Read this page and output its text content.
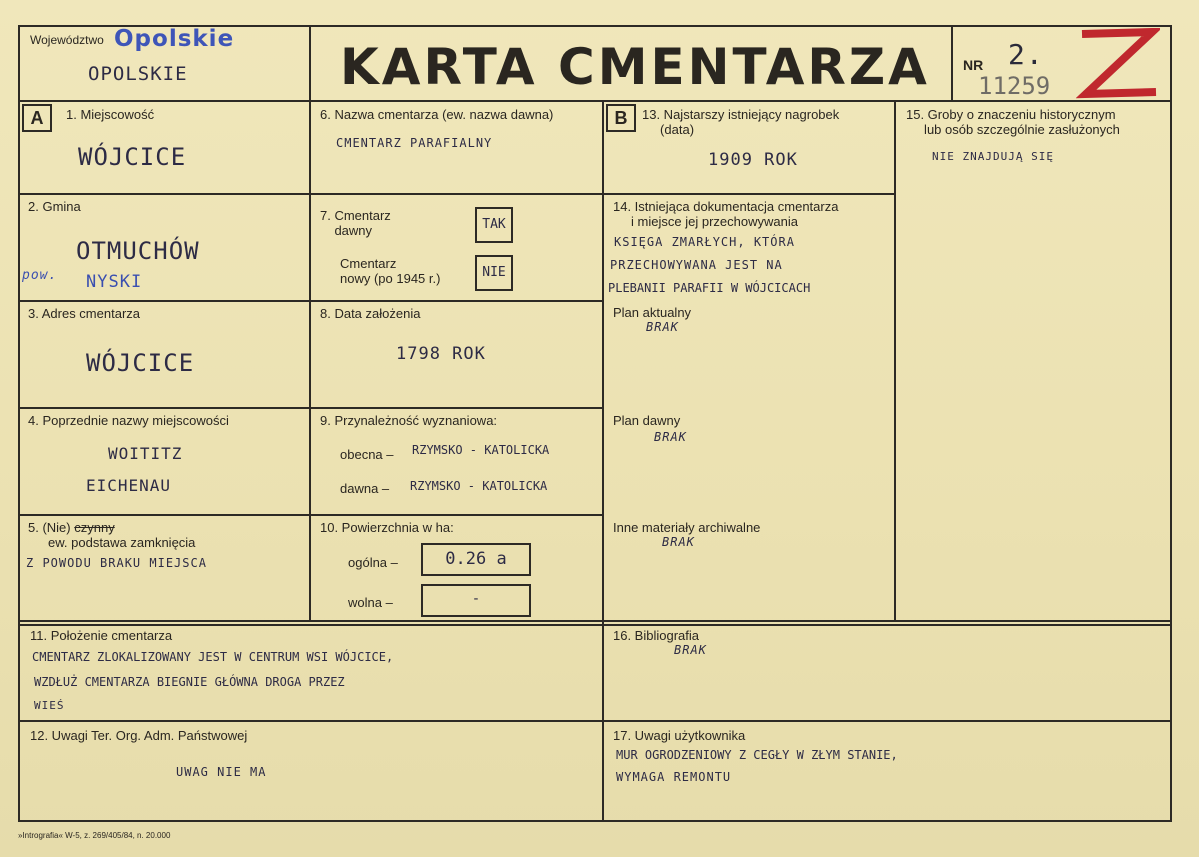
Województwo Opolskie
OPOLSKIE	KARTA CMENTARZA NR 2.
11259
A	1. Miejscowość
WÓJCICE
2. Gmina
OTMUCHÓW
pow. NYSKI
3. Adres cmentarza
WÓJCICE
4. Poprzednie nazwy miejscowości
WOITITZ
EICHENAU
5. (Nie) czynny
ew. podstawa zamknięcia
Z POWODU BRAKU MIEJSCA
6. Nazwa cmentarza (ew. nazwa dawna)
CMENTARZ PARAFIALNY
7. Cmentarz
dawny	TAK
Cmentarz
nowy (po 1945 r.)	NIE
8. Data założenia
1798 ROK
9. Przynależność wyznaniowa:
obecna – RZYMSKO - KATOLICKA
dawna – RZYMSKO - KATOLICKA
10. Powierzchnia w ha:
ogólna –	0.26 a
wolna –	-
B	13. Najstarszy istniejący nagrobek
(data)
1909 ROK
14. Istniejąca dokumentacja cmentarza
i miejsce jej przechowywania
KSIĘGA ZMARŁYCH, KTÓRA
PRZECHOWYWANA JEST NA
PLEBANII PARAFII W WÓJCICACH
Plan aktualny
BRAK
Plan dawny
BRAK
Inne materiały archiwalne
BRAK
15. Groby o znaczeniu historycznym
lub osób szczególnie zasłużonych
NIE ZNAJDUJĄ SIĘ
11. Położenie cmentarza
CMENTARZ ZLOKALIZOWANY JEST W CENTRUM WSI WÓJCICE,
WZDŁUŻ CMENTARZA BIEGNIE GŁÓWNA DROGA PRZEZ
WIEŚ
16. Bibliografia
BRAK
12. Uwagi Ter. Org. Adm. Państwowej
UWAG NIE MA
17. Uwagi użytkownika
MUR OGRODZENIOWY Z CEGŁY W ZŁYM STANIE,
WYMAGA REMONTU
»Intrografia« W-5, z. 269/405/84, n. 20.000
